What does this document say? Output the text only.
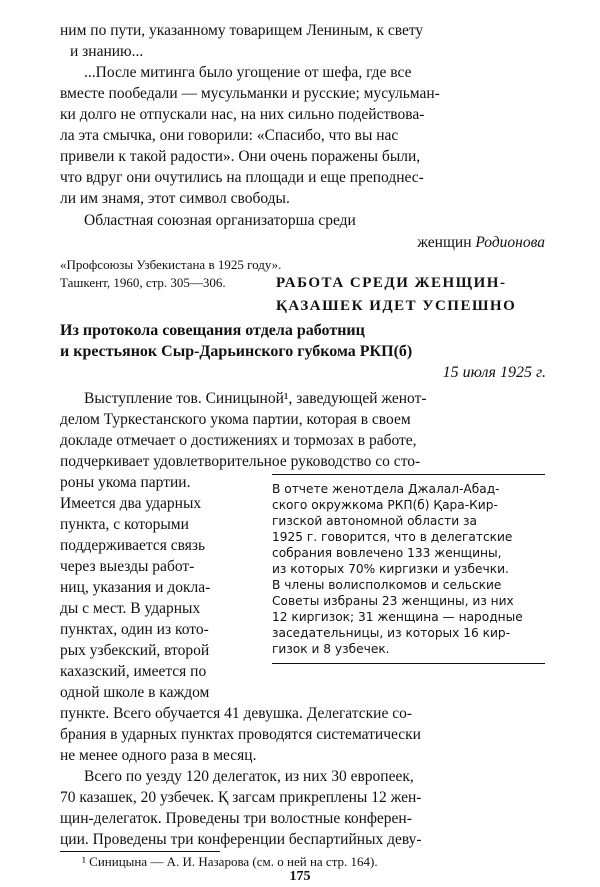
ним по пути, указанному товарищем Лениным, к свету
и знанию...
...После митинга было угощение от шефа, где все
вместе пообедали — мусульманки и русские; мусульман-
ки долго не отпускали нас, на них сильно подействова-
ла эта смычка, они говорили: «Спасибо, что вы нас
привели к такой радости». Они очень поражены были,
что вдруг они очутились на площади и еще преподнес-
ли им знамя, этот символ свободы.
Областная союзная организаторша среди
женщин Родионова
«Профсоюзы Узбекистана в 1925 году».
Ташкент, 1960, стр. 305—306.	РАБОТА СРЕДИ ЖЕНЩИН-
ҚАЗАШЕК ИДЕТ УСПЕШНО
Из протокола совещания отдела работниц
и крестьянок Сыр-Дарьинского губкома РКП(б)
15 июля 1925 г.
Выступление тов. Синицыной¹, заведующей женот-
делом Туркестанского укома партии, которая в своем
докладе отмечает о достижениях и тормозах в работе,
подчеркивает удовлетворительное руководство со сто-
роны укома партии.
Имеется два ударных
пункта, с которыми
поддерживается связь
через выезды работ-
ниц, указания и докла-
ды с мест. В ударных
пунктах, один из кото-
рых узбекский, второй
кахазский, имеется по
одной школе в каждом
В отчете женотдела Джалал-Абад-
ского окружкома РКП(б) Қара-Кир-
гизской автономной области за
1925 г. говорится, что в делегатские
собрания вовлечено 133 женщины,
из которых 70% киргизки и узбечки.
В члены волисполкомов и сельские
Советы избраны 23 женщины, из них
12 киргизок; 31 женщина — народные
заседательницы, из которых 16 кир-
гизок и 8 узбечек.
пункте. Всего обучается 41 девушка. Делегатские со-
брания в ударных пунктах проводятся систематически
не менее одного раза в месяц.
Всего по уезду 120 делегаток, из них 30 европеек,
70 казашек, 20 узбечек. Қ загсам прикреплены 12 жен-
щин-делегаток. Проведены три волостные конферен-
ции. Проведены три конференции беспартийных деву-
¹ Синицына — А. И. Назарова (см. о ней на стр. 164).
175
